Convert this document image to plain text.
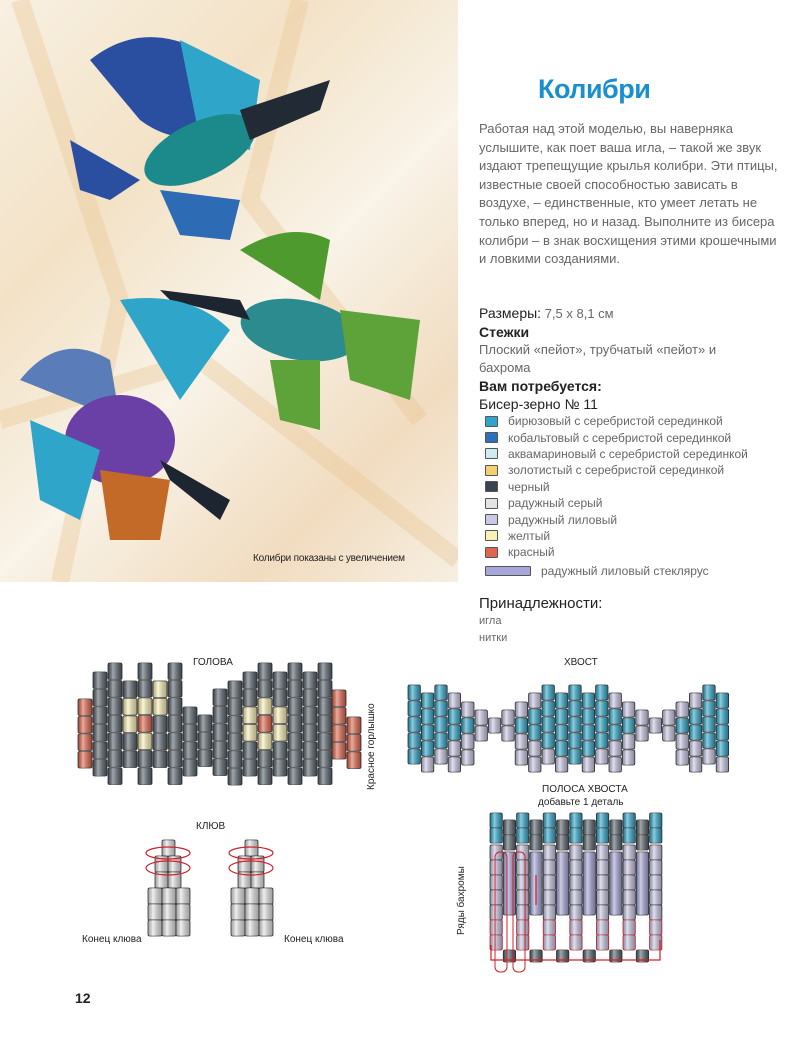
Колибри показаны с увеличением
Колибри
Работая над этой моделью, вы наверняка услышите, как поет ваша игла, – такой же звук издают трепещущие крылья колибри. Эти птицы, известные своей способностью зависать в воздухе, – единственные, кто умеет летать не только вперед, но и назад. Выполните из бисера колибри – в знак восхищения этими крошечными и ловкими созданиями.
Размеры: 7,5 х 8,1 см
Стежки
Плоский «пейот», трубчатый «пейот» и бахрома
Вам потребуется:
Бисер-зерно № 11
бирюзовый с серебристой серединкой
кобальтовый с серебристой серединкой
аквамариновый с серебристой серединкой
золотистый с серебристой серединкой
черный
радужный серый
радужный лиловый
желтый
красный
радужный лиловый стеклярус
Принадлежности:
игла
нитки
ГОЛОВА
Красное горлышко
КЛЮВ
Конец клюва	Конец клюва
ХВОСТ
ПОЛОСА ХВОСТА
добавьте 1 деталь
Ряды бахромы
12
